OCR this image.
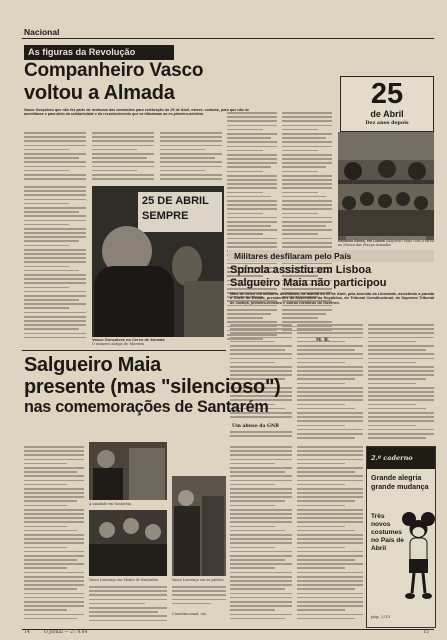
Nacional
As figuras da Revolução
Companheiro Vasco
voltou a Almada
Vasco Gonçalves que não fez parte de nenhuma das comissões para celebração do 25 de Abril, esteve, contudo, para que não se acreditasse e para além da solidariedade e do reconhecimento que se tributaram ao ex-primeiro-ministro
25 DE ABRIL SEMPRE
Vasco Gonçalves no Cerco de Almada
O número antigo de Moreira
25
de Abril
Dez anos depois
Ramalho Eanes, em Lisboa Salgueiro Maia com a farda no Museu das Forças Armadas
Militares desfilaram pelo País
Spínola assistiu em Lisboa
Salgueiro Maia não participou
Mais de cinco mil militares desfilaram, na manhã do 25 de Abril, pela Avenida da Liberdade, assistindo a parada o Chefe do Estado, presidentes da Assembleia da República, do Tribunal Constitucional, do Supremo Tribunal de Justiça, primeiro-ministro e outros membros do Governo.
Um abuso da GNR
Salgueiro Maia
presente (mas "silencioso")
nas comemorações de Santarém
A saudade em Santarém
Vasco Lourenço em Monte de Santarém	Vasco Lourenço em as paletes
Constitucional, etc.
2.º caderno
Grande alegria grande mudança
Três novos costumes no País de Abril
pág. 2/13
14	O Jornal — 27.4.84	15
